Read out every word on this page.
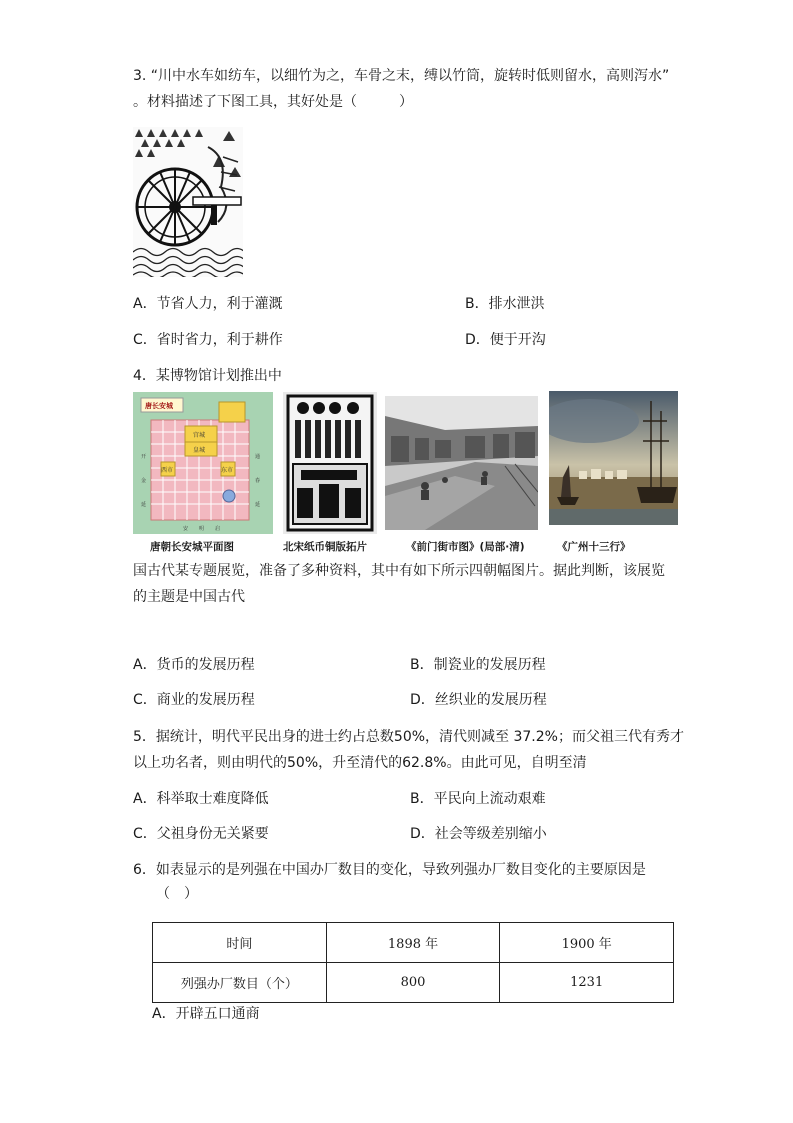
3. “川中水车如纺车，以细竹为之，车骨之末，缚以竹筒，旋转时低则留水，高则泻水”
。材料描述了下图工具，其好处是（　　　）
A．节省人力，利于灌溉	B．排水泄洪
C．省时省力，利于耕作	D．便于开沟
4．某博物馆计划推出中
开
金
延
通
春
延
安 明 启
唐长安城
宫城
皇城
东市
西市
唐朝长安城平面图	北宋纸币铜版拓片	《前门街市图》(局部·清)	《广州十三行》
国古代某专题展览，准备了多种资料，其中有如下所示四朝幅图片。据此判断，该展览
的主题是中国古代
A．货币的发展历程	B．制瓷业的发展历程
C．商业的发展历程	D．丝织业的发展历程
5．据统计，明代平民出身的进士约占总数50%，清代则减至 37.2%；而父祖三代有秀才
以上功名者，则由明代的50%，升至清代的62.8%。由此可见，自明至清
A．科举取士难度降低	B．平民向上流动艰难
C．父祖身份无关紧要	D．社会等级差别缩小
6．如表显示的是列强在中国办厂数目的变化，导致列强办厂数目变化的主要原因是
（　）
时间	1898 年	1900 年
列强办厂数目（个）	800	1231
A．开辟五口通商
